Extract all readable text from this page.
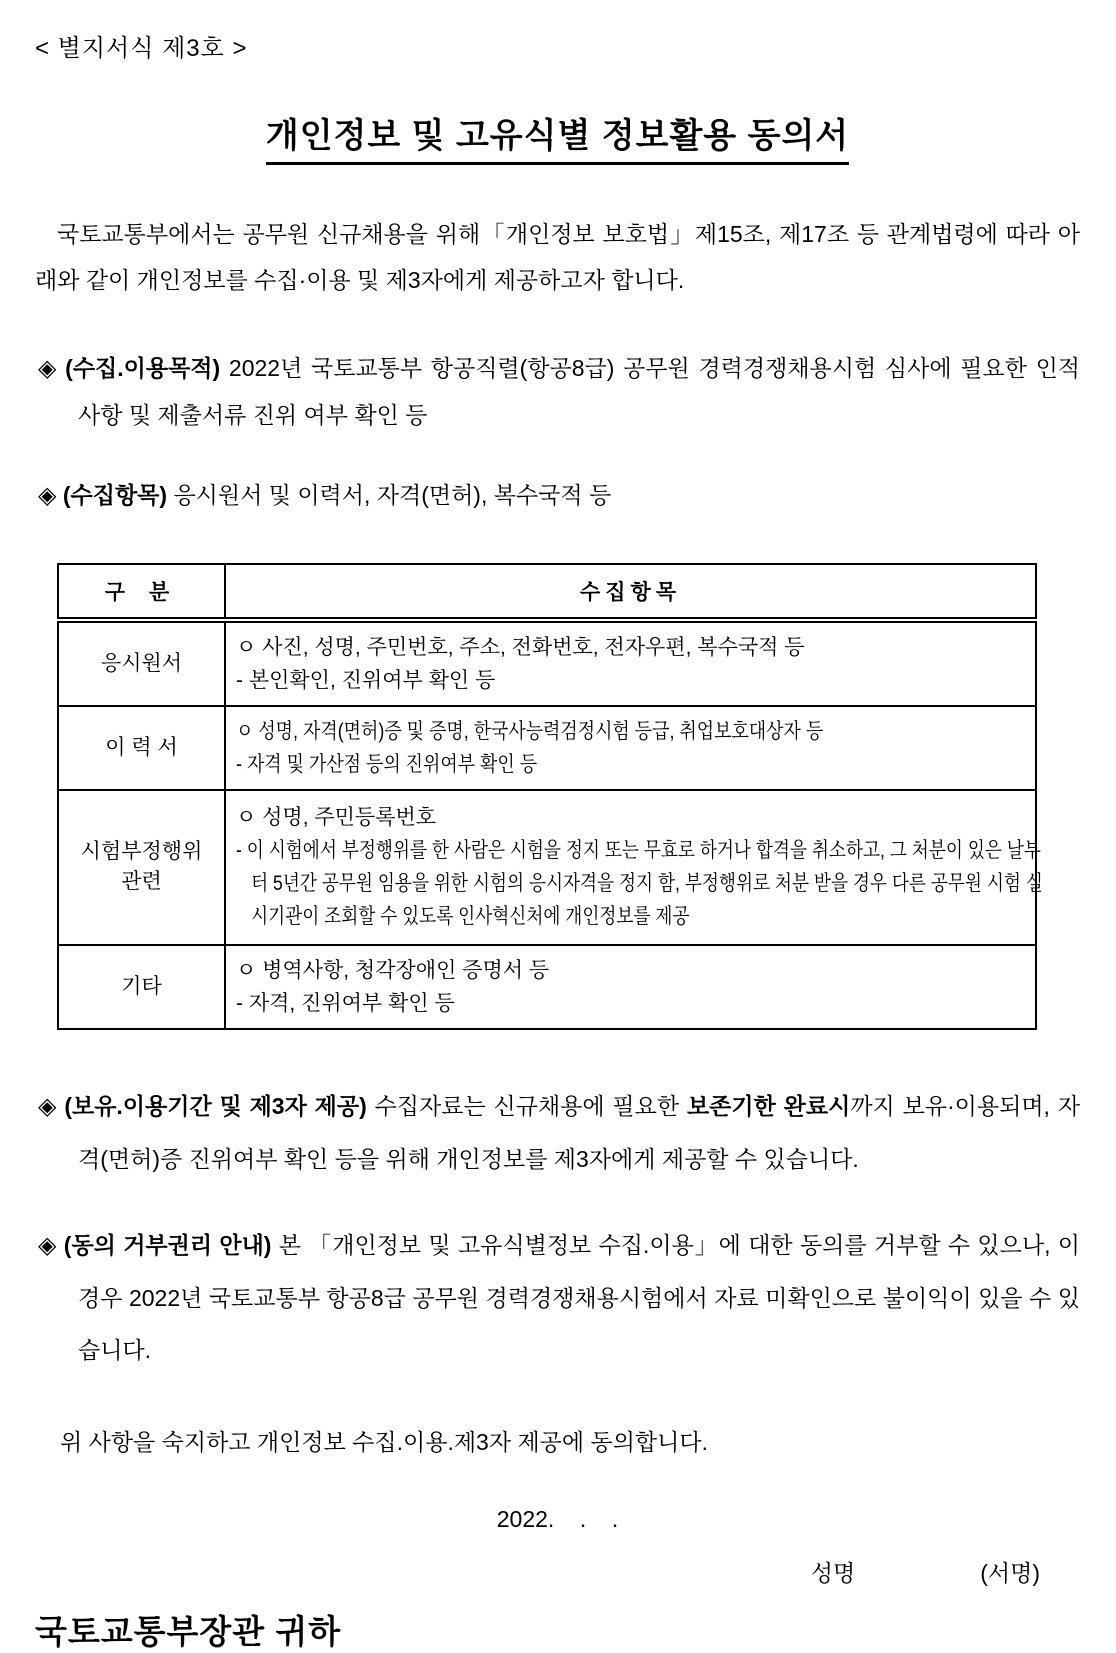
< 별지서식 제3호 >
개인정보 및 고유식별 정보활용 동의서

국토교통부에서는 공무원 신규채용을 위해「개인정보 보호법」제15조, 제17조 등 관계법령에 따라 아래와 같이 개인정보를 수집·이용 및 제3자에게 제공하고자 합니다.

◈ (수집.이용목적) 2022년 국토교통부 항공직렬(항공8급) 공무원 경력경쟁채용시험 심사에 필요한 인적사항 및 제출서류 진위 여부 확인 등

◈ (수집항목) 응시원서 및 이력서, 자격(면허), 복수국적 등

구 분	수집항목
응시원서	ㅇ 사진, 성명, 주민번호, 주소, 전화번호, 전자우편, 복수국적 등
- 본인확인, 진위여부 확인 등

이 력 서	ㅇ 성명, 자격(면허)증 및 증명, 한국사능력검정시험 등급, 취업보호대상자 등
- 자격 및 가산점 등의 진위여부 확인 등

시험부정행위 관련	ㅇ 성명, 주민등록번호
- 이 시험에서 부정행위를 한 사람은 시험을 정지 또는 무효로 하거나 합격을 취소하고, 그 처분이 있은 날부터 5년간 공무원 임용을 위한 시험의 응시자격을 정지 함, 부정행위로 처분 받을 경우 다른 공무원 시험 실시기관이 조회할 수 있도록 인사혁신처에 개인정보를 제공

기타	ㅇ 병역사항, 청각장애인 증명서 등
- 자격, 진위여부 확인 등

◈ (보유.이용기간 및 제3자 제공) 수집자료는 신규채용에 필요한 보존기한 완료시까지 보유·이용되며, 자격(면허)증 진위여부 확인 등을 위해 개인정보를 제3자에게 제공할 수 있습니다.

◈ (동의 거부권리 안내) 본 「개인정보 및 고유식별정보 수집.이용」에 대한 동의를 거부할 수 있으나, 이 경우 2022년 국토교통부 항공8급 공무원 경력경쟁채용시험에서 자료 미확인으로 불이익이 있을 수 있습니다.

위 사항을 숙지하고 개인정보 수집.이용.제3자 제공에 동의합니다.

2022.    .    .
성명	(서명)
국토교통부장관 귀하
